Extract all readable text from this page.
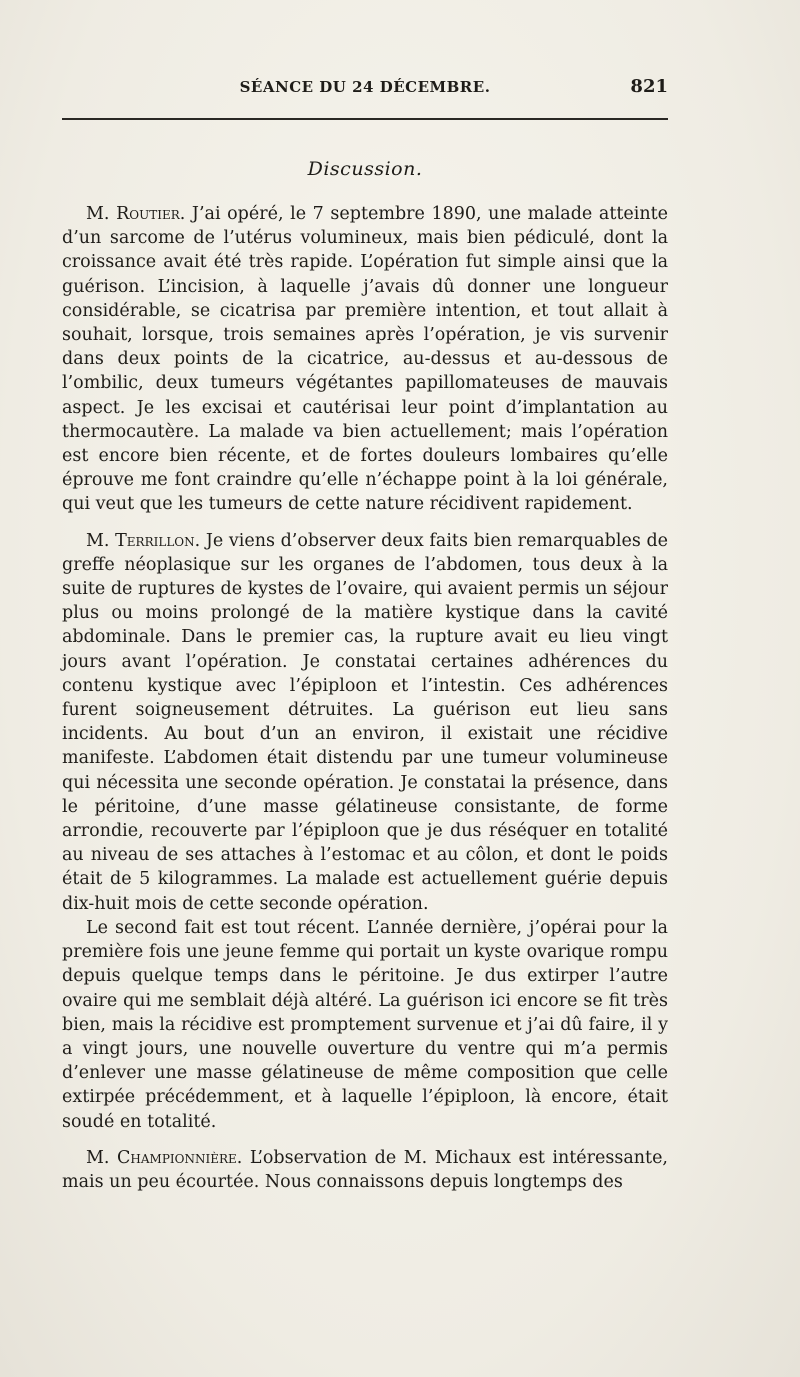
SÉANCE DU 24 DÉCEMBRE.	821
Discussion.

M. Routier. J’ai opéré, le 7 septembre 1890, une malade atteinte d’un sarcome de l’utérus volumineux, mais bien pédiculé, dont la croissance avait été très rapide. L’opération fut simple ainsi que la guérison. L’incision, à laquelle j’avais dû donner une longueur considérable, se cicatrisa par première intention, et tout allait à souhait, lorsque, trois semaines après l’opération, je vis survenir dans deux points de la cicatrice, au-dessus et au-dessous de l’ombilic, deux tumeurs végétantes papillomateuses de mauvais aspect. Je les excisai et cautérisai leur point d’implantation au thermocautère. La malade va bien actuellement; mais l’opération est encore bien récente, et de fortes douleurs lombaires qu’elle éprouve me font craindre qu’elle n’échappe point à la loi générale, qui veut que les tumeurs de cette nature récidivent rapidement.

M. Terrillon. Je viens d’observer deux faits bien remarquables de greffe néoplasique sur les organes de l’abdomen, tous deux à la suite de ruptures de kystes de l’ovaire, qui avaient permis un séjour plus ou moins prolongé de la matière kystique dans la cavité abdominale. Dans le premier cas, la rupture avait eu lieu vingt jours avant l’opération. Je constatai certaines adhérences du contenu kystique avec l’épiploon et l’intestin. Ces adhérences furent soigneusement détruites. La guérison eut lieu sans incidents. Au bout d’un an environ, il existait une récidive manifeste. L’abdomen était distendu par une tumeur volumineuse qui nécessita une seconde opération. Je constatai la présence, dans le péritoine, d’une masse gélatineuse consistante, de forme arrondie, recouverte par l’épiploon que je dus réséquer en totalité au niveau de ses attaches à l’estomac et au côlon, et dont le poids était de 5 kilogrammes. La malade est actuellement guérie depuis dix-huit mois de cette seconde opération.

Le second fait est tout récent. L’année dernière, j’opérai pour la première fois une jeune femme qui portait un kyste ovarique rompu depuis quelque temps dans le péritoine. Je dus extirper l’autre ovaire qui me semblait déjà altéré. La guérison ici encore se fit très bien, mais la récidive est promptement survenue et j’ai dû faire, il y a vingt jours, une nouvelle ouverture du ventre qui m’a permis d’enlever une masse gélatineuse de même composition que celle extirpée précédemment, et à laquelle l’épiploon, là encore, était soudé en totalité.

M. Championnière. L’observation de M. Michaux est intéressante, mais un peu écourtée. Nous connaissons depuis longtemps des
